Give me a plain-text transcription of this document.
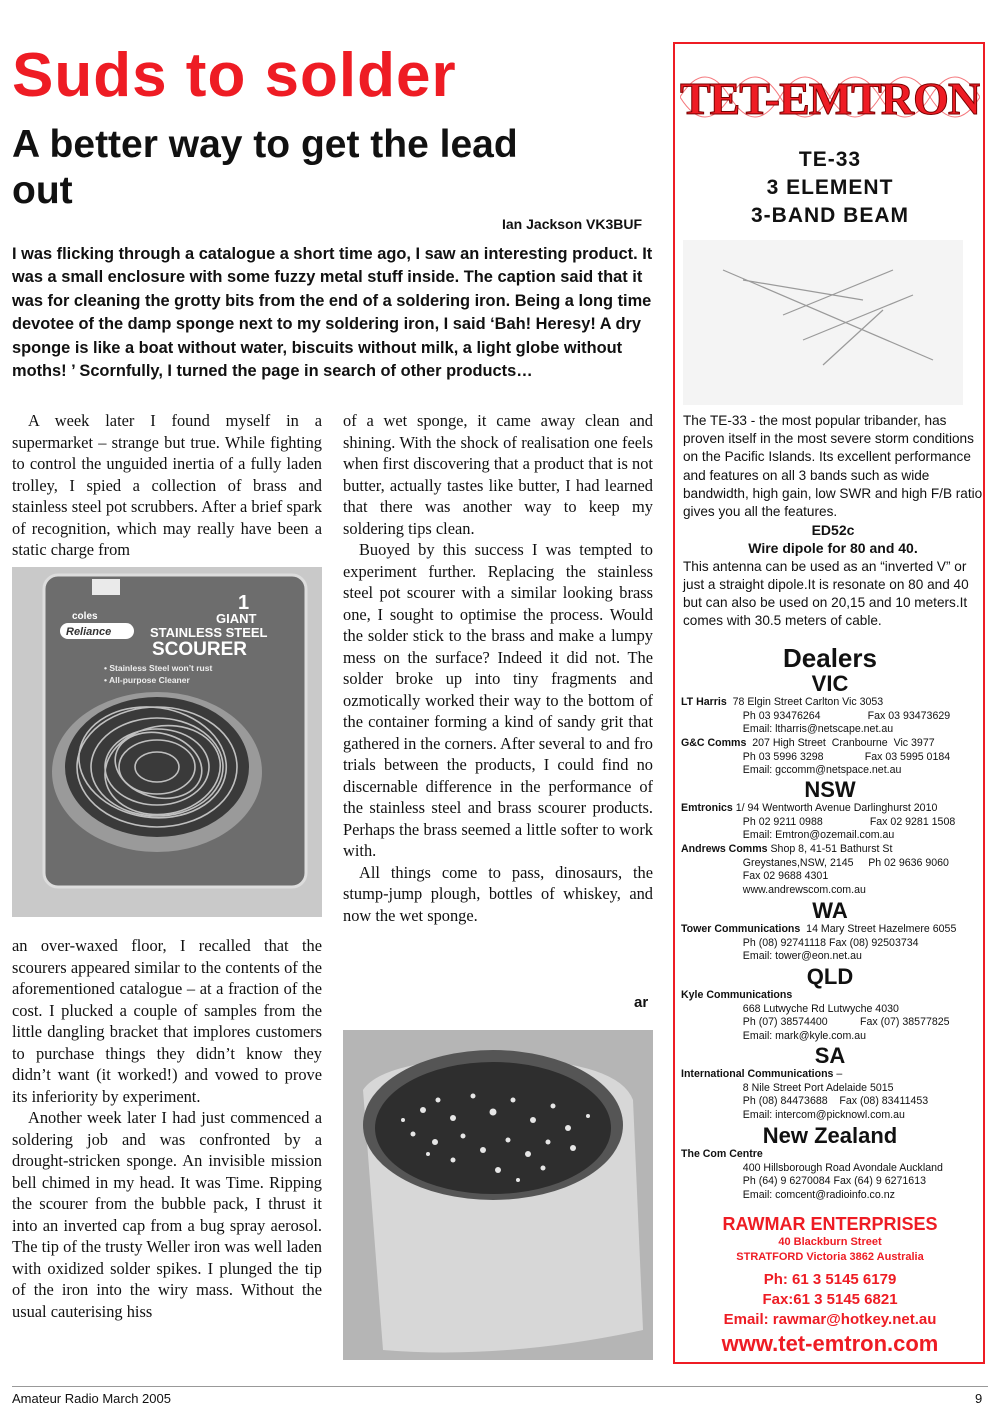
Suds to solder
A better way to get the lead out
Ian Jackson VK3BUF
I was flicking through a catalogue a short time ago, I saw an interesting product. It was a small enclosure with some fuzzy metal stuff inside. The caption said that it was for cleaning the grotty bits from the end of a soldering iron. Being a long time devotee of the damp sponge next to my soldering iron, I said ‘Bah! Heresy! A dry sponge is like a boat without water, biscuits without milk, a light globe without moths! ’ Scornfully, I turned the page in search of other products…

A week later I found myself in a supermarket – strange but true. While fighting to control the unguided inertia of a fully laden trolley, I spied a collection of brass and stainless steel pot scrubbers. After a brief spark of recognition, which may really have been a static charge from

coles
Reliance
1
GIANT
STAINLESS STEEL
SCOURER
• Stainless Steel won’t rust
• All-purpose Cleaner

an over-waxed floor, I recalled that the scourers appeared similar to the contents of the aforementioned catalogue – at a fraction of the cost. I plucked a couple of samples from the little dangling bracket that implores customers to purchase things they didn’t know they didn’t want (it worked!) and vowed to prove its inferiority by experiment.

Another week later I had just commenced a soldering job and was confronted by a drought-stricken sponge. An invisible mission bell chimed in my head. It was Time. Ripping the scourer from the bubble pack, I thrust it into an inverted cap from a bug spray aerosol. The tip of the trusty Weller iron was well laden with oxidized solder spikes. I plunged the tip of the iron into the wiry mass. Without the usual cauterising hiss

of a wet sponge, it came away clean and shining. With the shock of realisation one feels when first discovering that a product that is not butter, actually tastes like butter, I had learned that there was another way to keep my soldering tips clean.

Buoyed by this success I was tempted to experiment further. Replacing the stainless steel pot scourer with a similar looking brass one, I sought to optimise the process. Would the solder stick to the brass and make a lumpy mess on the surface? Indeed it did not. The solder broke up into tiny fragments and ozmotically worked their way to the bottom of the container forming a kind of sandy grit that gathered in the corners. After several to and fro trials between the products, I could find no discernable difference in the performance of the stainless steel and brass scourer products. Perhaps the brass seemed a little softer to work with.

All things come to pass, dinosaurs, the stump-jump plough, bottles of whiskey, and now the wet sponge.

ar
TET-EMTRON
TE-33
3 ELEMENT
3-BAND BEAM
The TE-33 - the most popular tribander, has proven itself in the most severe storm conditions on the Pacific Islands. Its excellent performance and features on all 3 bands such as wide bandwidth, high gain, low SWR and high F/B ratio gives you all the features.
ED52c
Wire dipole for 80 and 40.
This antenna can be used as an “inverted V” or just a straight dipole.It is resonate on 80 and 40 but can also be used on 20,15 and 10 meters.It comes with 30.5 meters of cable.
Dealers
VIC
LT Harris  78 Elgin Street Carlton Vic 3053
Ph 03 93476264                Fax 03 93473629
Email: ltharris@netscape.net.au
G&C Comms  207 High Street  Cranbourne  Vic 3977
Ph 03 5996 3298              Fax 03 5995 0184
Email: gccomm@netspace.net.au
NSW
Emtronics 1/ 94 Wentworth Avenue Darlinghurst 2010
Ph 02 9211 0988                Fax 02 9281 1508
Email: Emtron@ozemail.com.au
Andrews Comms Shop 8, 41-51 Bathurst St
Greystanes,NSW, 2145     Ph 02 9636 9060
Fax 02 9688 4301
www.andrewscom.com.au
WA
Tower Communications  14 Mary Street Hazelmere 6055
Ph (08) 92741118 Fax (08) 92503734
Email: tower@eon.net.au
QLD
Kyle Communications
668 Lutwyche Rd Lutwyche 4030
Ph (07) 38574400           Fax (07) 38577825
Email: mark@kyle.com.au
SA
International Communications –
8 Nile Street Port Adelaide 5015
Ph (08) 84473688    Fax (08) 83411453
Email: intercom@picknowl.com.au
New Zealand
The Com Centre
400 Hillsborough Road Avondale Auckland
Ph (64) 9 6270084 Fax (64) 9 6271613
Email: comcent@radioinfo.co.nz
RAWMAR ENTERPRISES
40 Blackburn Street
STRATFORD Victoria 3862 Australia
Ph: 61 3 5145 6179
Fax:61 3 5145 6821
Email: rawmar@hotkey.net.au
www.tet-emtron.com
Amateur Radio March 2005	9
